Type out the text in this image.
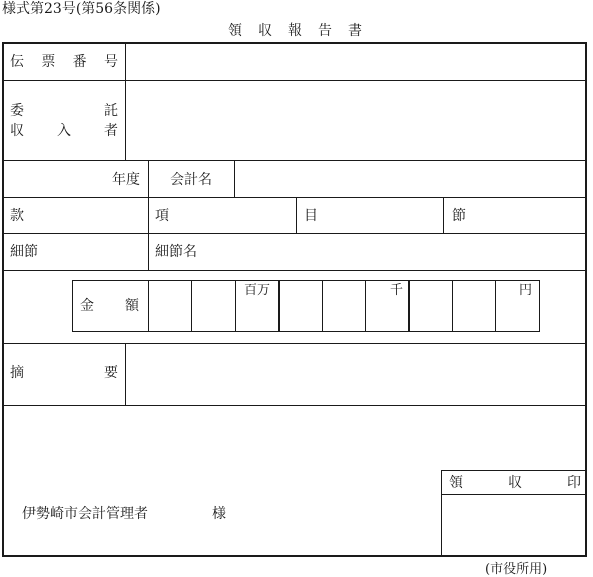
様式第23号(第56条関係)
領　収　報　告　書
伝 票 番 号
委	託
収 入 者
年度 会計名
款	項	目	節
細節	細節名
金　　額
百万	千	円
摘	要
伊勢崎市会計管理者	様
領	収	印
(市役所用)
